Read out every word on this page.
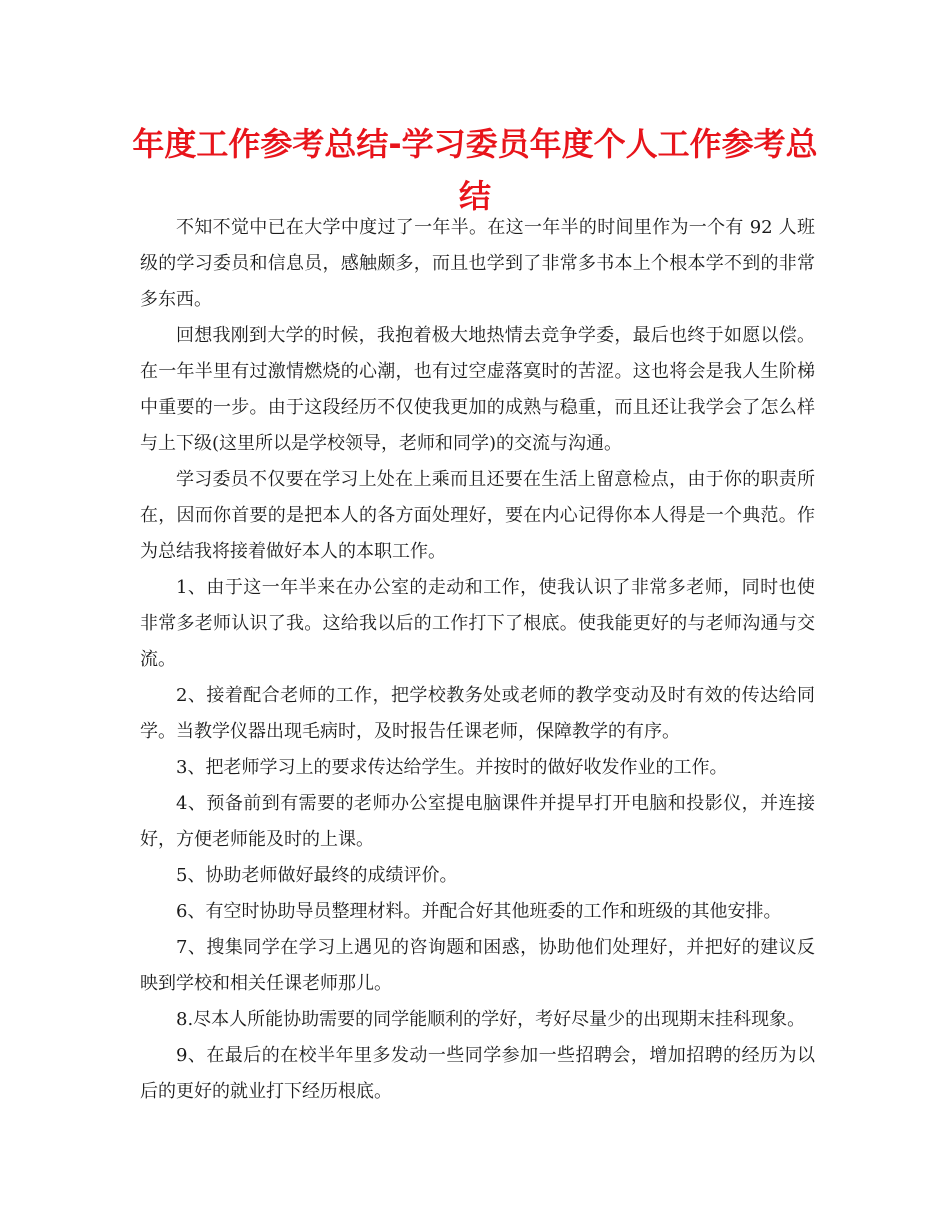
年度工作参考总结-学习委员年度个人工作参考总结

不知不觉中已在大学中度过了一年半。在这一年半的时间里作为一个有 92 人班级的学习委员和信息员，感触颇多，而且也学到了非常多书本上个根本学不到的非常多东西。

回想我刚到大学的时候，我抱着极大地热情去竞争学委，最后也终于如愿以偿。在一年半里有过激情燃烧的心潮，也有过空虚落寞时的苦涩。这也将会是我人生阶梯中重要的一步。由于这段经历不仅使我更加的成熟与稳重，而且还让我学会了怎么样与上下级(这里所以是学校领导，老师和同学)的交流与沟通。

学习委员不仅要在学习上处在上乘而且还要在生活上留意检点，由于你的职责所在，因而你首要的是把本人的各方面处理好，要在内心记得你本人得是一个典范。作为总结我将接着做好本人的本职工作。

1、由于这一年半来在办公室的走动和工作，使我认识了非常多老师，同时也使非常多老师认识了我。这给我以后的工作打下了根底。使我能更好的与老师沟通与交流。

2、接着配合老师的工作，把学校教务处或老师的教学变动及时有效的传达给同学。当教学仪器出现毛病时，及时报告任课老师，保障教学的有序。

3、把老师学习上的要求传达给学生。并按时的做好收发作业的工作。

4、预备前到有需要的老师办公室提电脑课件并提早打开电脑和投影仪，并连接好，方便老师能及时的上课。

5、协助老师做好最终的成绩评价。

6、有空时协助导员整理材料。并配合好其他班委的工作和班级的其他安排。

7、搜集同学在学习上遇见的咨询题和困惑，协助他们处理好，并把好的建议反映到学校和相关任课老师那儿。

8.尽本人所能协助需要的同学能顺利的学好，考好尽量少的出现期末挂科现象。

9、在最后的在校半年里多发动一些同学参加一些招聘会，增加招聘的经历为以后的更好的就业打下经历根底。
